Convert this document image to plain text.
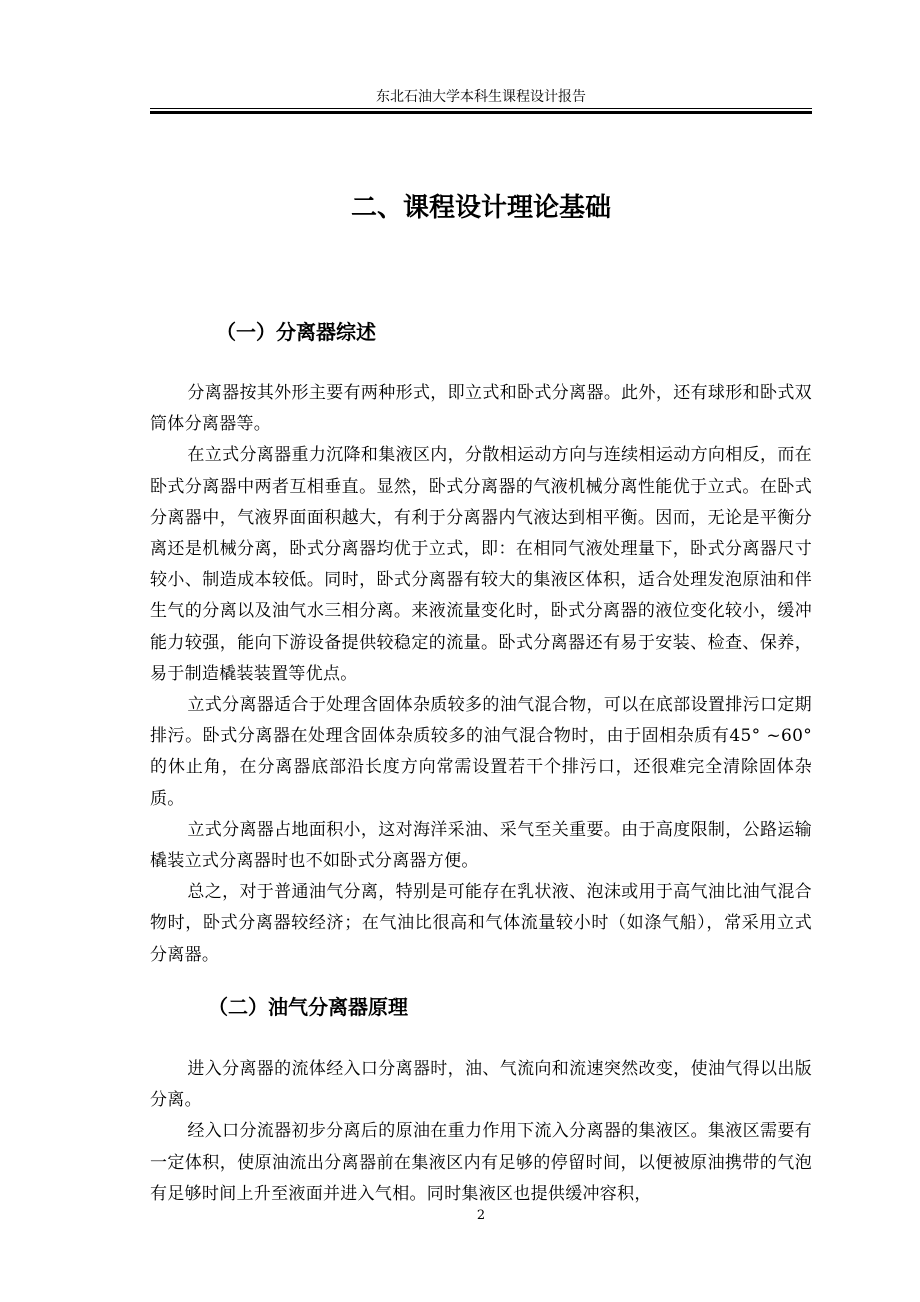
东北石油大学本科生课程设计报告
二、课程设计理论基础
（一）分离器综述

分离器按其外形主要有两种形式，即立式和卧式分离器。此外，还有球形和卧式双筒体分离器等。

在立式分离器重力沉降和集液区内，分散相运动方向与连续相运动方向相反，而在卧式分离器中两者互相垂直。显然，卧式分离器的气液机械分离性能优于立式。在卧式分离器中，气液界面面积越大，有利于分离器内气液达到相平衡。因而，无论是平衡分离还是机械分离，卧式分离器均优于立式，即：在相同气液处理量下，卧式分离器尺寸较小、制造成本较低。同时，卧式分离器有较大的集液区体积，适合处理发泡原油和伴生气的分离以及油气水三相分离。来液流量变化时，卧式分离器的液位变化较小，缓冲能力较强，能向下游设备提供较稳定的流量。卧式分离器还有易于安装、检查、保养，易于制造橇装装置等优点。

立式分离器适合于处理含固体杂质较多的油气混合物，可以在底部设置排污口定期排污。卧式分离器在处理含固体杂质较多的油气混合物时，由于固相杂质有45° ~60° 的休止角，在分离器底部沿长度方向常需设置若干个排污口，还很难完全清除固体杂质。

立式分离器占地面积小，这对海洋采油、采气至关重要。由于高度限制，公路运输橇装立式分离器时也不如卧式分离器方便。

总之，对于普通油气分离，特别是可能存在乳状液、泡沫或用于高气油比油气混合物时，卧式分离器较经济；在气油比很高和气体流量较小时（如涤气船），常采用立式分离器。

（二）油气分离器原理

进入分离器的流体经入口分离器时，油、气流向和流速突然改变，使油气得以出版分离。

经入口分流器初步分离后的原油在重力作用下流入分离器的集液区。集液区需要有一定体积，使原油流出分离器前在集液区内有足够的停留时间，以便被原油携带的气泡有足够时间上升至液面并进入气相。同时集液区也提供缓冲容积，

2
